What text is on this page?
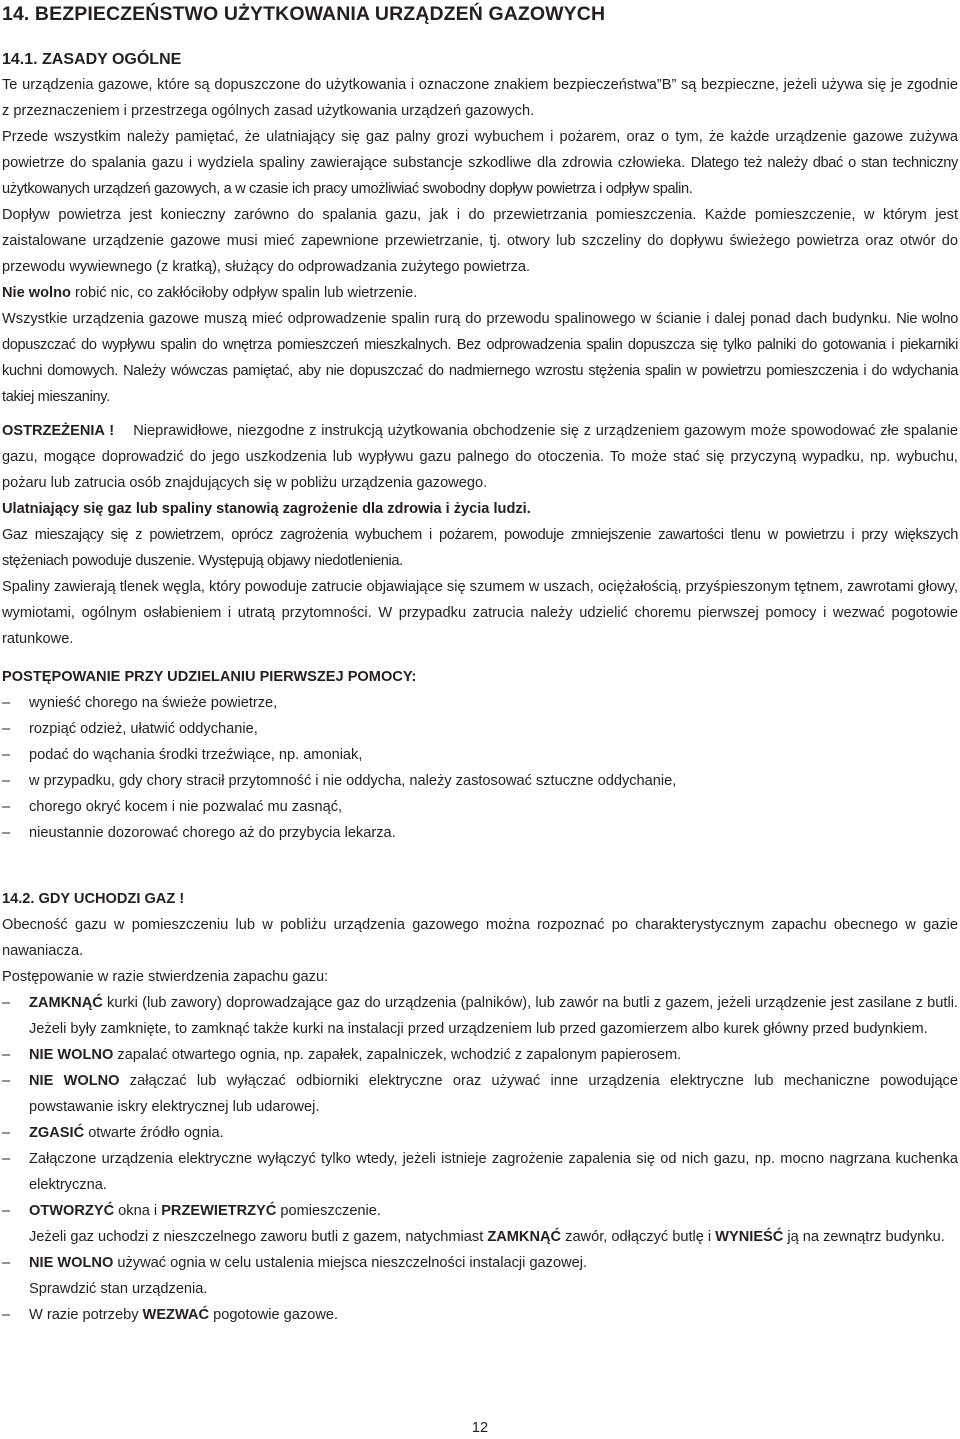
14. BEZPIECZEŃSTWO UŻYTKOWANIA URZĄDZEŃ GAZOWYCH
14.1. ZASADY OGÓLNE

Te urządzenia gazowe, które są dopuszczone do użytkowania i oznaczone znakiem bezpieczeństwa”B” są bezpieczne, jeżeli używa się je zgodnie z przeznaczeniem i przestrzega ogólnych zasad użytkowania urządzeń gazowych.

Przede wszystkim należy pamiętać, że ulatniający się gaz palny grozi wybuchem i pożarem, oraz o tym, że każde urządzenie gazowe zużywa powietrze do spalania gazu i wydziela spaliny zawierające substancje szkodliwe dla zdrowia człowieka. Dlatego też należy dbać o stan techniczny użytkowanych urządzeń gazowych, a w czasie ich pracy umożliwiać swobodny dopływ powietrza i odpływ spalin.

Dopływ powietrza jest konieczny zarówno do spalania gazu, jak i do przewietrzania pomieszczenia. Każde pomieszczenie, w którym jest zaistalowane urządzenie gazowe musi mieć zapewnione przewietrzanie, tj. otwory lub szczeliny do dopływu świeżego powietrza oraz otwór do przewodu wywiewnego (z kratką), służący do odprowadzania zużytego powietrza.

Nie wolno robić nic, co zakłóciłoby odpływ spalin lub wietrzenie.

Wszystkie urządzenia gazowe muszą mieć odprowadzenie spalin rurą do przewodu spalinowego w ścianie i dalej ponad dach budynku. Nie wolno dopuszczać do wypływu spalin do wnętrza pomieszczeń mieszkalnych. Bez odprowadzenia spalin dopuszcza się tylko palniki do gotowania i piekarniki kuchni domowych. Należy wówczas pamiętać, aby nie dopuszczać do nadmiernego wzrostu stężenia spalin w powietrzu pomieszczenia i do wdychania takiej mieszaniny.

OSTRZEŻENIA ! Nieprawidłowe, niezgodne z instrukcją użytkowania obchodzenie się z urządzeniem gazowym może spowodować złe spalanie gazu, mogące doprowadzić do jego uszkodzenia lub wypływu gazu palnego do otoczenia. To może stać się przyczyną wypadku, np. wybuchu, pożaru lub zatrucia osób znajdujących się w pobliżu urządzenia gazowego.

Ulatniający się gaz lub spaliny stanowią zagrożenie dla zdrowia i życia ludzi.

Gaz mieszający się z powietrzem, oprócz zagrożenia wybuchem i pożarem, powoduje zmniejszenie zawartości tlenu w powietrzu i przy większych stężeniach powoduje duszenie. Występują objawy niedotlenienia.

Spaliny zawierają tlenek węgla, który powoduje zatrucie objawiające się szumem w uszach, ociężałością, przyśpieszonym tętnem, zawrotami głowy, wymiotami, ogólnym osłabieniem i utratą przytomności. W przypadku zatrucia należy udzielić choremu pierwszej pomocy i wezwać pogotowie ratunkowe.

POSTĘPOWANIE PRZY UDZIELANIU PIERWSZEJ POMOCY:
– wynieść chorego na świeże powietrze,
– rozpiąć odzież, ułatwić oddychanie,
– podać do wąchania środki trzeźwiące, np. amoniak,
– w przypadku, gdy chory stracił przytomność i nie oddycha, należy zastosować sztuczne oddychanie,
– chorego okryć kocem i nie pozwalać mu zasnąć,
– nieustannie dozorować chorego aż do przybycia lekarza.
14.2. GDY UCHODZI GAZ !

Obecność gazu w pomieszczeniu lub w pobliżu urządzenia gazowego można rozpoznać po charakterystycznym zapachu obecnego w gazie nawaniacza.

Postępowanie w razie stwierdzenia zapachu gazu:

– ZAMKNĄĆ kurki (lub zawory) doprowadzające gaz do urządzenia (palników), lub zawór na butli z gazem, jeżeli urządzenie jest zasilane z butli. Jeżeli były zamknięte, to zamknąć także kurki na instalacji przed urządzeniem lub przed gazomierzem albo kurek główny przed budynkiem.
– NIE WOLNO zapalać otwartego ognia, np. zapałek, zapalniczek, wchodzić z zapalonym papierosem.
– NIE WOLNO załączać lub wyłączać odbiorniki elektryczne oraz używać inne urządzenia elektryczne lub mechaniczne powodujące powstawanie iskry elektrycznej lub udarowej.
– ZGASIĆ otwarte źródło ognia.
– Załączone urządzenia elektryczne wyłączyć tylko wtedy, jeżeli istnieje zagrożenie zapalenia się od nich gazu, np. mocno nagrzana kuchenka elektryczna.
– OTWORZYĆ okna i PRZEWIETRZYĆ pomieszczenie.
Jeżeli gaz uchodzi z nieszczelnego zaworu butli z gazem, natychmiast ZAMKNĄĆ zawór, odłączyć butlę i WYNIEŚĆ ją na zewnątrz budynku.
– NIE WOLNO używać ognia w celu ustalenia miejsca nieszczelności instalacji gazowej.
Sprawdzić stan urządzenia.
– W razie potrzeby WEZWAĆ pogotowie gazowe.
12
